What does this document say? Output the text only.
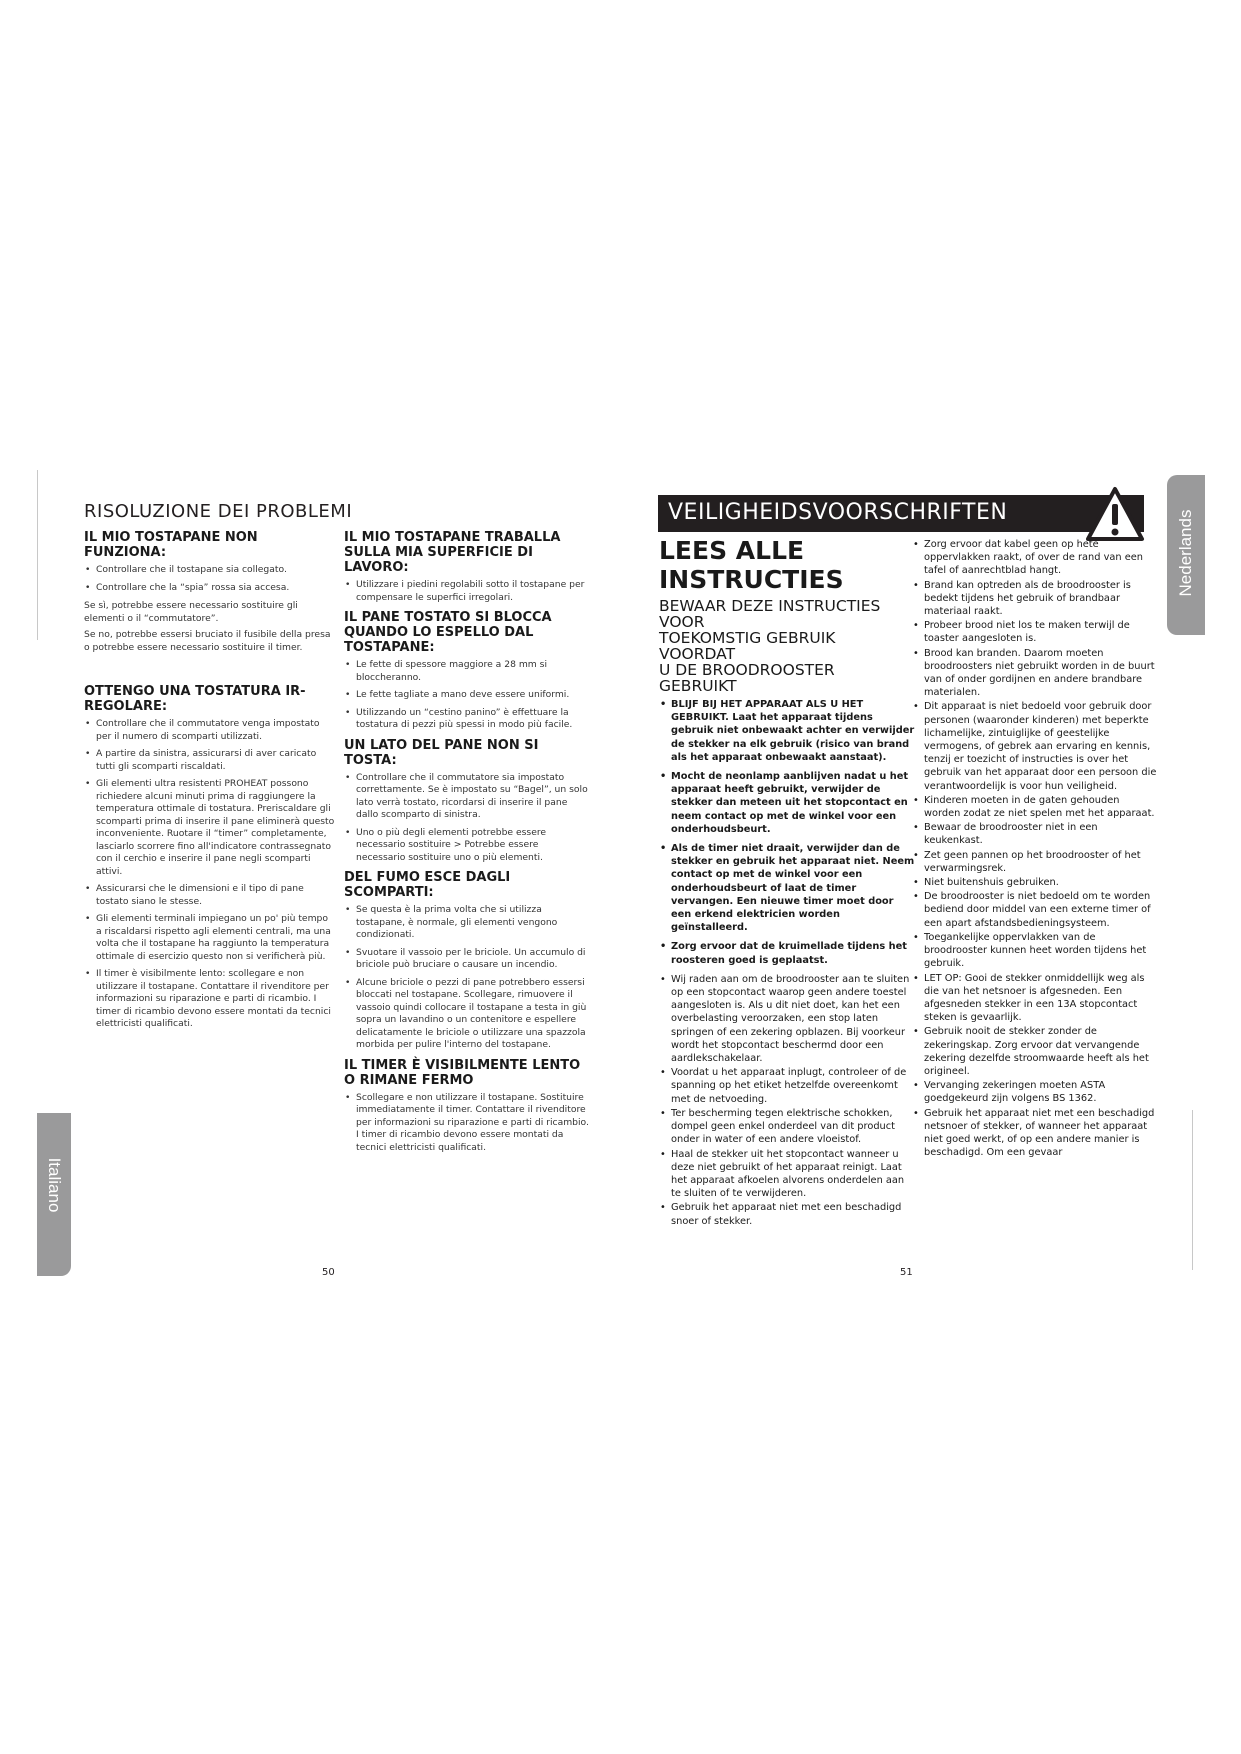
Italiano
RISOLUZIONE DEI PROBLEMI
IL MIO TOSTAPANE NON FUNZIONA:
• Controllare che il tostapane sia collegato.
• Controllare che la “spia” rossa sia accesa.

Se sì, potrebbe essere necessario sostituire gli elementi o il “commutatore”.

Se no, potrebbe essersi bruciato il fusibile della presa o potrebbe essere necessario sostituire il timer.

OTTENGO UNA TOSTATURA IR-REGOLARE:
• Controllare che il commutatore venga impostato per il numero di scomparti utilizzati.
• A partire da sinistra, assicurarsi di aver caricato tutti gli scomparti riscaldati.
• Gli elementi ultra resistenti PROHEAT possono richiedere alcuni minuti prima di raggiungere la temperatura ottimale di tostatura. Preriscaldare gli scomparti prima di inserire il pane eliminerà questo inconveniente. Ruotare il “timer” completamente, lasciarlo scorrere fino all'indicatore contrassegnato con il cerchio e inserire il pane negli scomparti attivi.
• Assicurarsi che le dimensioni e il tipo di pane tostato siano le stesse.
• Gli elementi terminali impiegano un po' più tempo a riscaldarsi rispetto agli elementi centrali, ma una volta che il tostapane ha raggiunto la temperatura ottimale di esercizio questo non si verificherà più.
• Il timer è visibilmente lento: scollegare e non utilizzare il tostapane. Contattare il rivenditore per informazioni su riparazione e parti di ricambio. I timer di ricambio devono essere montati da tecnici elettricisti qualificati.
IL MIO TOSTAPANE TRABALLA SULLA MIA SUPERFICIE DI LAVORO:
• Utilizzare i piedini regolabili sotto il tostapane per compensare le superfici irregolari.
IL PANE TOSTATO SI BLOCCA QUANDO LO ESPELLO DAL TOSTAPANE:
• Le fette di spessore maggiore a 28 mm si bloccheranno.
• Le fette tagliate a mano deve essere uniformi.
• Utilizzando un “cestino panino” è effettuare la tostatura di pezzi più spessi in modo più facile.
UN LATO DEL PANE NON SI TOSTA:
• Controllare che il commutatore sia impostato correttamente. Se è impostato su “Bagel”, un solo lato verrà tostato, ricordarsi di inserire il pane dallo scomparto di sinistra.
• Uno o più degli elementi potrebbe essere necessario sostituire > Potrebbe essere necessario sostituire uno o più elementi.
DEL FUMO ESCE DAGLI SCOMPARTI:
• Se questa è la prima volta che si utilizza tostapane, è normale, gli elementi vengono condizionati.
• Svuotare il vassoio per le briciole. Un accumulo di briciole può bruciare o causare un incendio.
• Alcune briciole o pezzi di pane potrebbero essersi bloccati nel tostapane. Scollegare, rimuovere il vassoio quindi collocare il tostapane a testa in giù sopra un lavandino o un contenitore e espellere delicatamente le briciole o utilizzare una spazzola morbida per pulire l'interno del tostapane.
IL TIMER È VISIBILMENTE LENTO O RIMANE FERMO
• Scollegare e non utilizzare il tostapane. Sostituire immediatamente il timer. Contattare il rivenditore per informazioni su riparazione e parti di ricambio. I timer di ricambio devono essere montati da tecnici elettricisti qualificati.
50
VEILIGHEIDSVOORSCHRIFTEN	Nederlands
LEES ALLE
INSTRUCTIES
BEWAAR DEZE INSTRUCTIES VOOR
TOEKOMSTIG GEBRUIK VOORDAT
U DE BROODROOSTER GEBRUIKT
• BLIJF BIJ HET APPARAAT ALS U HET GEBRUIKT. Laat het apparaat tijdens gebruik niet onbewaakt achter en verwijder de stekker na elk gebruik (risico van brand als het apparaat onbewaakt aanstaat).
• Mocht de neonlamp aanblijven nadat u het apparaat heeft gebruikt, verwijder de stekker dan meteen uit het stopcontact en neem contact op met de winkel voor een onderhoudsbeurt.
• Als de timer niet draait, verwijder dan de stekker en gebruik het apparaat niet. Neem contact op met de winkel voor een onderhoudsbeurt of laat de timer vervangen. Een nieuwe timer moet door een erkend elektricien worden geïnstalleerd.
• Zorg ervoor dat de kruimellade tijdens het roosteren goed is geplaatst.
• Wij raden aan om de broodrooster aan te sluiten op een stopcontact waarop geen andere toestel aangesloten is. Als u dit niet doet, kan het een overbelasting veroorzaken, een stop laten springen of een zekering opblazen. Bij voorkeur wordt het stopcontact beschermd door een aardlekschakelaar.
• Voordat u het apparaat inplugt, controleer of de spanning op het etiket hetzelfde overeenkomt met de netvoeding.
• Ter bescherming tegen elektrische schokken, dompel geen enkel onderdeel van dit product onder in water of een andere vloeistof.
• Haal de stekker uit het stopcontact wanneer u deze niet gebruikt of het apparaat reinigt. Laat het apparaat afkoelen alvorens onderdelen aan te sluiten of te verwijderen.
• Gebruik het apparaat niet met een beschadigd snoer of stekker.
• Zorg ervoor dat kabel geen op hete oppervlakken raakt, of over de rand van een tafel of aanrechtblad hangt.
• Brand kan optreden als de broodrooster is bedekt tijdens het gebruik of brandbaar materiaal raakt.
• Probeer brood niet los te maken terwijl de toaster aangesloten is.
• Brood kan branden. Daarom moeten broodroosters niet gebruikt worden in de buurt van of onder gordijnen en andere brandbare materialen.
• Dit apparaat is niet bedoeld voor gebruik door personen (waaronder kinderen) met beperkte lichamelijke, zintuiglijke of geestelijke vermogens, of gebrek aan ervaring en kennis, tenzij er toezicht of instructies is over het gebruik van het apparaat door een persoon die verantwoordelijk is voor hun veiligheid.
• Kinderen moeten in de gaten gehouden worden zodat ze niet spelen met het apparaat.
• Bewaar de broodrooster niet in een keukenkast.
• Zet geen pannen op het broodrooster of het verwarmingsrek.
• Niet buitenshuis gebruiken.
• De broodrooster is niet bedoeld om te worden bediend door middel van een externe timer of een apart afstandsbedieningsysteem.
• Toegankelijke oppervlakken van de broodrooster kunnen heet worden tijdens het gebruik.
• LET OP: Gooi de stekker onmiddellijk weg als die van het netsnoer is afgesneden. Een afgesneden stekker in een 13A stopcontact steken is gevaarlijk.
• Gebruik nooit de stekker zonder de zekeringskap. Zorg ervoor dat vervangende zekering dezelfde stroomwaarde heeft als het origineel.
• Vervanging zekeringen moeten ASTA goedgekeurd zijn volgens BS 1362.
• Gebruik het apparaat niet met een beschadigd netsnoer of stekker, of wanneer het apparaat niet goed werkt, of op een andere manier is beschadigd. Om een gevaar
51
